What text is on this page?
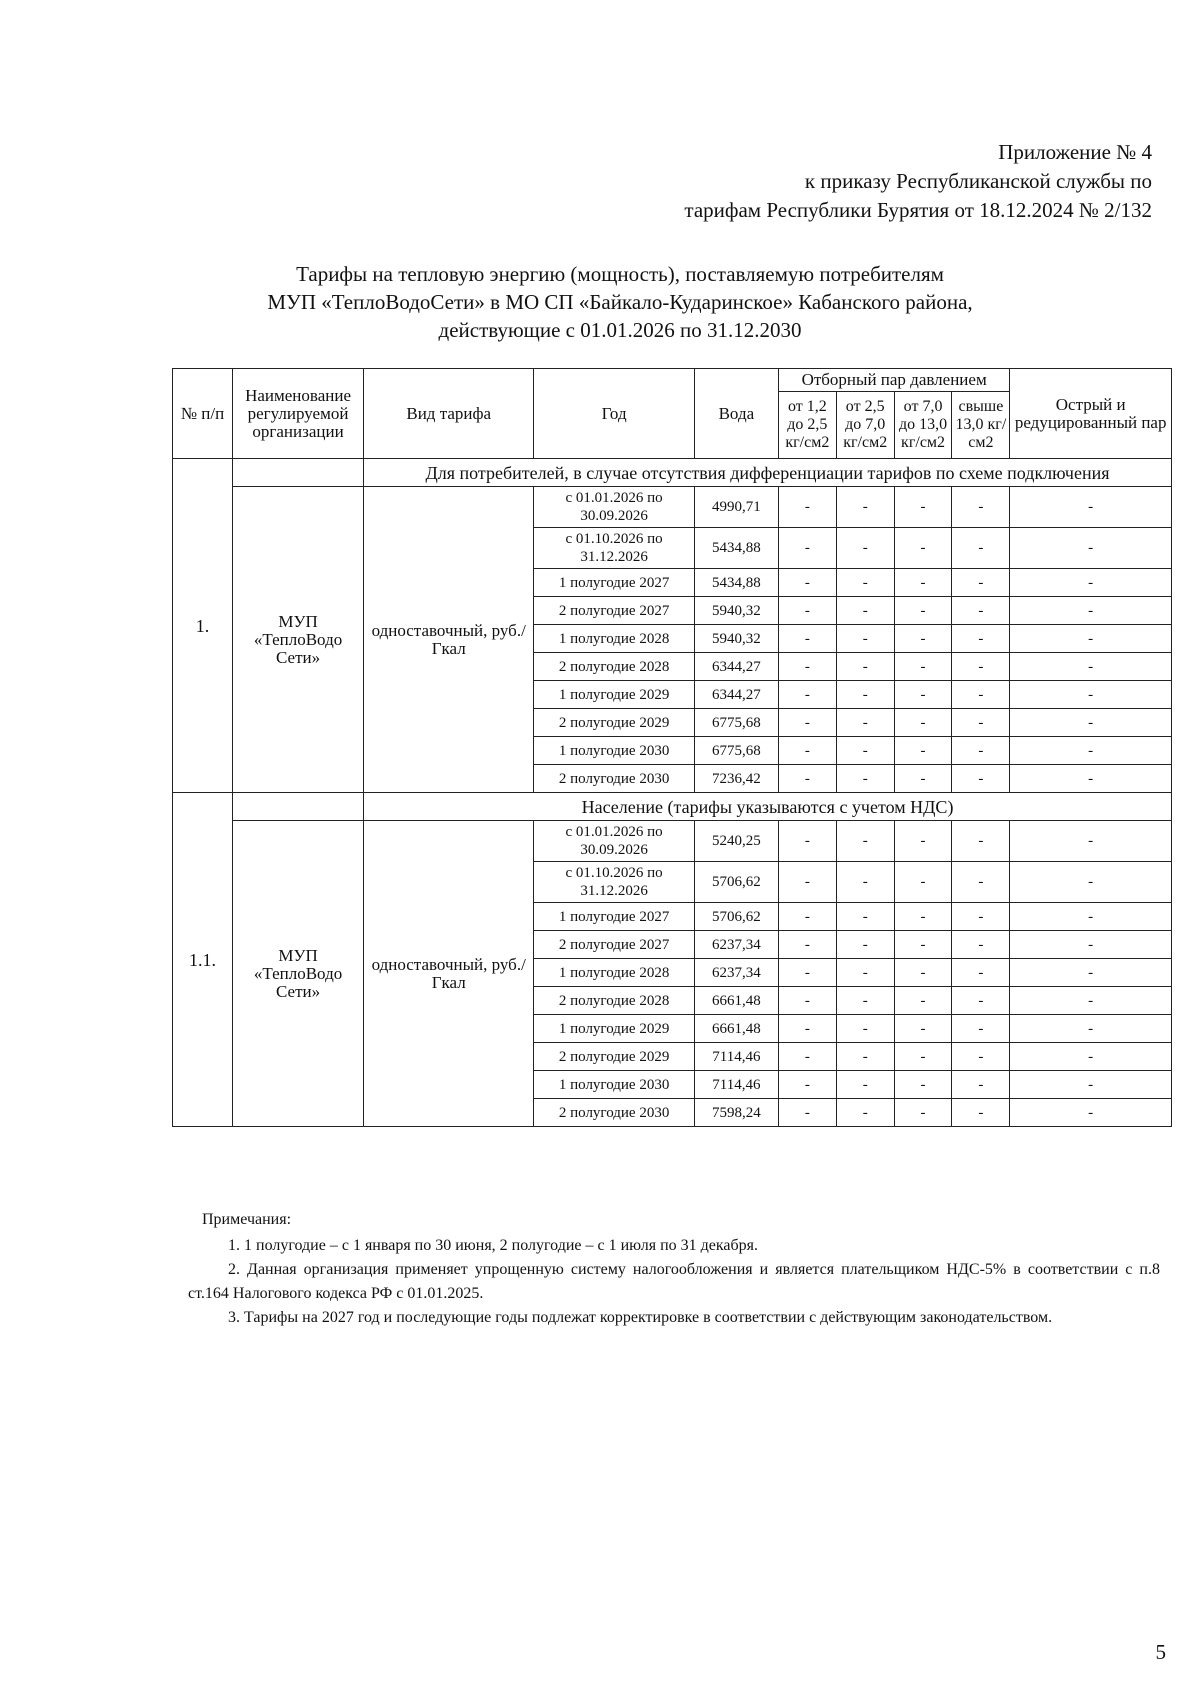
Приложение № 4
к приказу Республиканской службы по
тарифам Республики Бурятия от 18.12.2024 № 2/132
Тарифы на тепловую энергию (мощность), поставляемую потребителям
МУП «ТеплоВодоСети» в МО СП «Байкало-Кударинское» Кабанского района,
действующие с 01.01.2026 по 31.12.2030
№ п/п	Наименование регулируемой организации	Вид тарифа	Год	Вода	Отборный пар давлением				Острый и редуцированный пар
					от 1,2 до 2,5 кг/см2	от 2,5 до 7,0 кг/см2	от 7,0 до 13,0 кг/см2	свыше 13,0 кг/см2	
1.		Для потребителей, в случае отсутствия дифференциации тарифов по схеме подключения							
	МУП «ТеплоВодо Сети»	одноставочный, руб./Гкал	с 01.01.2026 по 30.09.2026	4990,71	-	-	-	-	-
			с 01.10.2026 по 31.12.2026	5434,88	-	-	-	-	-
			1 полугодие 2027	5434,88	-	-	-	-	-
			2 полугодие 2027	5940,32	-	-	-	-	-
			1 полугодие 2028	5940,32	-	-	-	-	-
			2 полугодие 2028	6344,27	-	-	-	-	-
			1 полугодие 2029	6344,27	-	-	-	-	-
			2 полугодие 2029	6775,68	-	-	-	-	-
			1 полугодие 2030	6775,68	-	-	-	-	-
			2 полугодие 2030	7236,42	-	-	-	-	-
1.1.		Население (тарифы указываются с учетом НДС)							
	МУП «ТеплоВодо Сети»	одноставочный, руб./Гкал	с 01.01.2026 по 30.09.2026	5240,25	-	-	-	-	-
			с 01.10.2026 по 31.12.2026	5706,62	-	-	-	-	-
			1 полугодие 2027	5706,62	-	-	-	-	-
			2 полугодие 2027	6237,34	-	-	-	-	-
			1 полугодие 2028	6237,34	-	-	-	-	-
			2 полугодие 2028	6661,48	-	-	-	-	-
			1 полугодие 2029	6661,48	-	-	-	-	-
			2 полугодие 2029	7114,46	-	-	-	-	-
			1 полугодие 2030	7114,46	-	-	-	-	-
			2 полугодие 2030	7598,24	-	-	-	-	-
Примечания:

1. 1 полугодие – с 1 января по 30 июня, 2 полугодие – с 1 июля по 31 декабря.

2. Данная организация применяет упрощенную систему налогообложения и является плательщиком НДС-5% в соответствии с п.8 ст.164 Налогового кодекса РФ с 01.01.2025.

3. Тарифы на 2027 год и последующие годы подлежат корректировке в соответствии с действующим законодательством.

5
